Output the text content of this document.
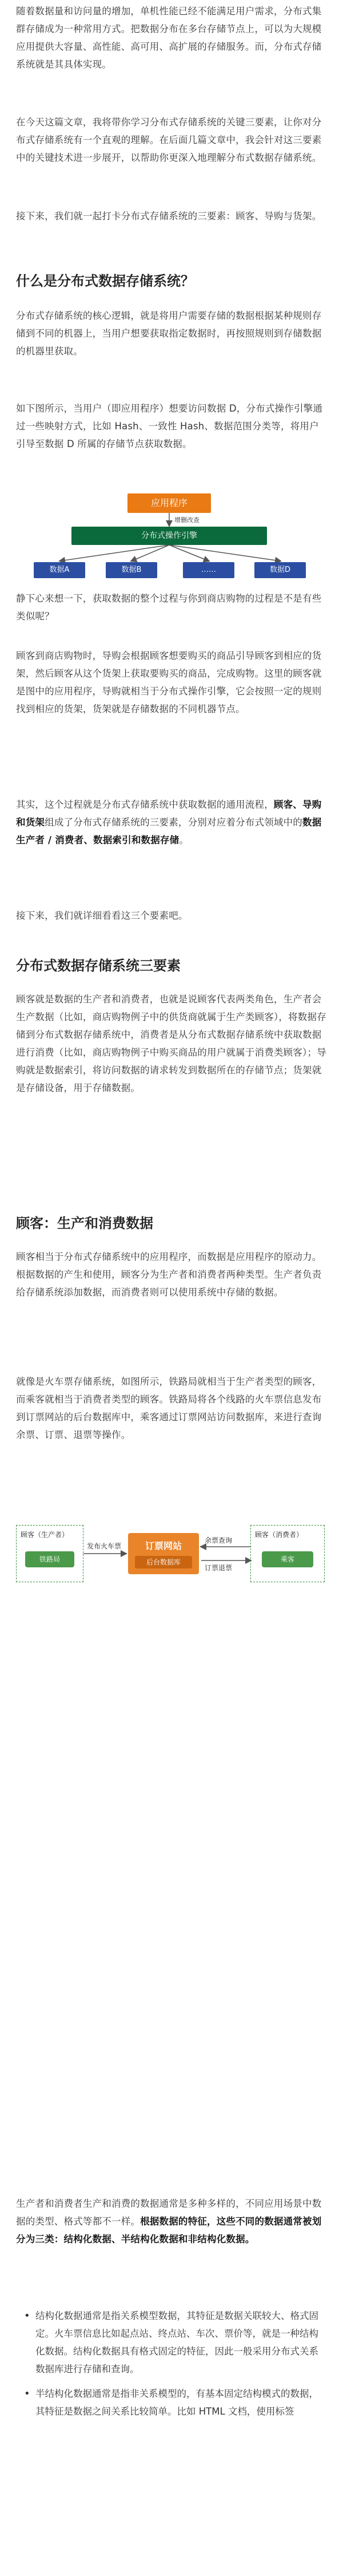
随着数据量和访问量的增加，单机性能已经不能满足用户需求，分布式集群存储成为一种常用方式。把数据分布在多台存储节点上，可以为大规模应用提供大容量、高性能、高可用、高扩展的存储服务。而，分布式存储系统就是其具体实现。

在今天这篇文章，我将带你学习分布式存储系统的关键三要素，让你对分布式存储系统有一个直观的理解。在后面几篇文章中，我会针对这三要素中的关键技术进一步展开，以帮助你更深入地理解分布式数据存储系统。

接下来，我们就一起打卡分布式存储系统的三要素：顾客、导购与货架。

什么是分布式数据存储系统？

分布式存储系统的核心逻辑，就是将用户需要存储的数据根据某种规则存储到不同的机器上，当用户想要获取指定数据时，再按照规则到存储数据的机器里获取。

如下图所示，当用户（即应用程序）想要访问数据 D，分布式操作引擎通过一些映射方式，比如 Hash、一致性 Hash、数据范围分类等，将用户引导至数据 D 所属的存储节点获取数据。

应用程序
增删改查
分布式操作引擎
数据A	数据B	……	数据D

静下心来想一下，获取数据的整个过程与你到商店购物的过程是不是有些类似呢？

顾客到商店购物时，导购会根据顾客想要购买的商品引导顾客到相应的货架，然后顾客从这个货架上获取要购买的商品，完成购物。这里的顾客就是图中的应用程序，导购就相当于分布式操作引擎，它会按照一定的规则找到相应的货架，货架就是存储数据的不同机器节点。

其实，这个过程就是分布式存储系统中获取数据的通用流程，顾客、导购和货架组成了分布式存储系统的三要素，分别对应着分布式领域中的数据生产者 / 消费者、数据索引和数据存储。

接下来，我们就详细看看这三个要素吧。

分布式数据存储系统三要素

顾客就是数据的生产者和消费者，也就是说顾客代表两类角色，生产者会生产数据（比如，商店购物例子中的供货商就属于生产类顾客），将数据存储到分布式数据存储系统中，消费者是从分布式数据存储系统中获取数据进行消费（比如，商店购物例子中购买商品的用户就属于消费类顾客）；导购就是数据索引，将访问数据的请求转发到数据所在的存储节点；货架就是存储设备，用于存储数据。

顾客：生产和消费数据

顾客相当于分布式存储系统中的应用程序，而数据是应用程序的原动力。根据数据的产生和使用，顾客分为生产者和消费者两种类型。生产者负责给存储系统添加数据，而消费者则可以使用系统中存储的数据。

就像是火车票存储系统，如图所示，铁路局就相当于生产者类型的顾客，而乘客就相当于消费者类型的顾客。铁路局将各个线路的火车票信息发布到订票网站的后台数据库中，乘客通过订票网站访问数据库，来进行查询余票、订票、退票等操作。

顾客（生产者）
铁路局
发布火车票	订票网站
后台数据库
余票查询
订票退票
顾客（消费者）
乘客

生产者和消费者生产和消费的数据通常是多种多样的，不同应用场景中数据的类型、格式等都不一样。根据数据的特征，这些不同的数据通常被划分为三类：结构化数据、半结构化数据和非结构化数据。

• 结构化数据通常是指关系模型数据，其特征是数据关联较大、格式固定。火车票信息比如起点站、终点站、车次、票价等，就是一种结构化数据。结构化数据具有格式固定的特征，因此一般采用分布式关系数据库进行存储和查询。
• 半结构化数据通常是指非关系模型的，有基本固定结构模式的数据，其特征是数据之间关系比较简单。比如 HTML 文档，使用标签
